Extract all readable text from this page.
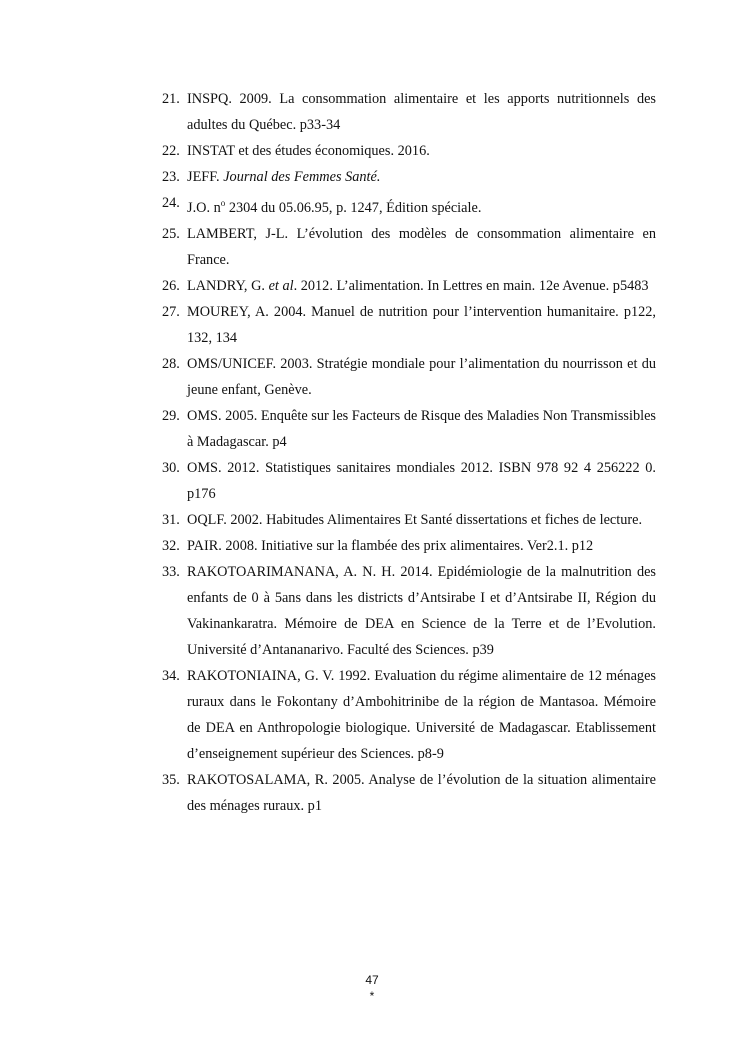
21. INSPQ. 2009. La consommation alimentaire et les apports nutritionnels des adultes du Québec. p33-34
22. INSTAT et des études économiques. 2016.
23. JEFF. Journal des Femmes Santé.
24. J.O. $n^o$ 2304 du 05.06.95, p. 1247, Édition spéciale.
25. LAMBERT, J-L. L’évolution des modèles de consommation alimentaire en France.
26. LANDRY, G. et al. 2012. L’alimentation. In Lettres en main. 12e Avenue. p5483
27. MOUREY, A. 2004. Manuel de nutrition pour l’intervention humanitaire. p122, 132, 134
28. OMS/UNICEF. 2003. Stratégie mondiale pour l’alimentation du nourrisson et du jeune enfant, Genève.
29. OMS. 2005. Enquête sur les Facteurs de Risque des Maladies Non Transmissibles à Madagascar. p4
30. OMS. 2012. Statistiques sanitaires mondiales 2012. ISBN 978 92 4 256222 0. p176
31. OQLF. 2002. Habitudes Alimentaires Et Santé dissertations et fiches de lecture.
32. PAIR. 2008. Initiative sur la flambée des prix alimentaires. Ver2.1. p12
33. RAKOTOARIMANANA, A. N. H. 2014. Epidémiologie de la malnutrition des enfants de 0 à 5ans dans les districts d’Antsirabe I et d’Antsirabe II, Région du Vakinankaratra. Mémoire de DEA en Science de la Terre et de l’Evolution. Université d’Antananarivo. Faculté des Sciences. p39
34. RAKOTONIAINA, G. V. 1992. Evaluation du régime alimentaire de 12 ménages ruraux dans le Fokontany d’Ambohitrinibe de la région de Mantasoa. Mémoire de DEA en Anthropologie biologique. Université de Madagascar. Etablissement d’enseignement supérieur des Sciences. p8-9
35. RAKOTOSALAMA, R. 2005. Analyse de l’évolution de la situation alimentaire des ménages ruraux. p1
47
*
